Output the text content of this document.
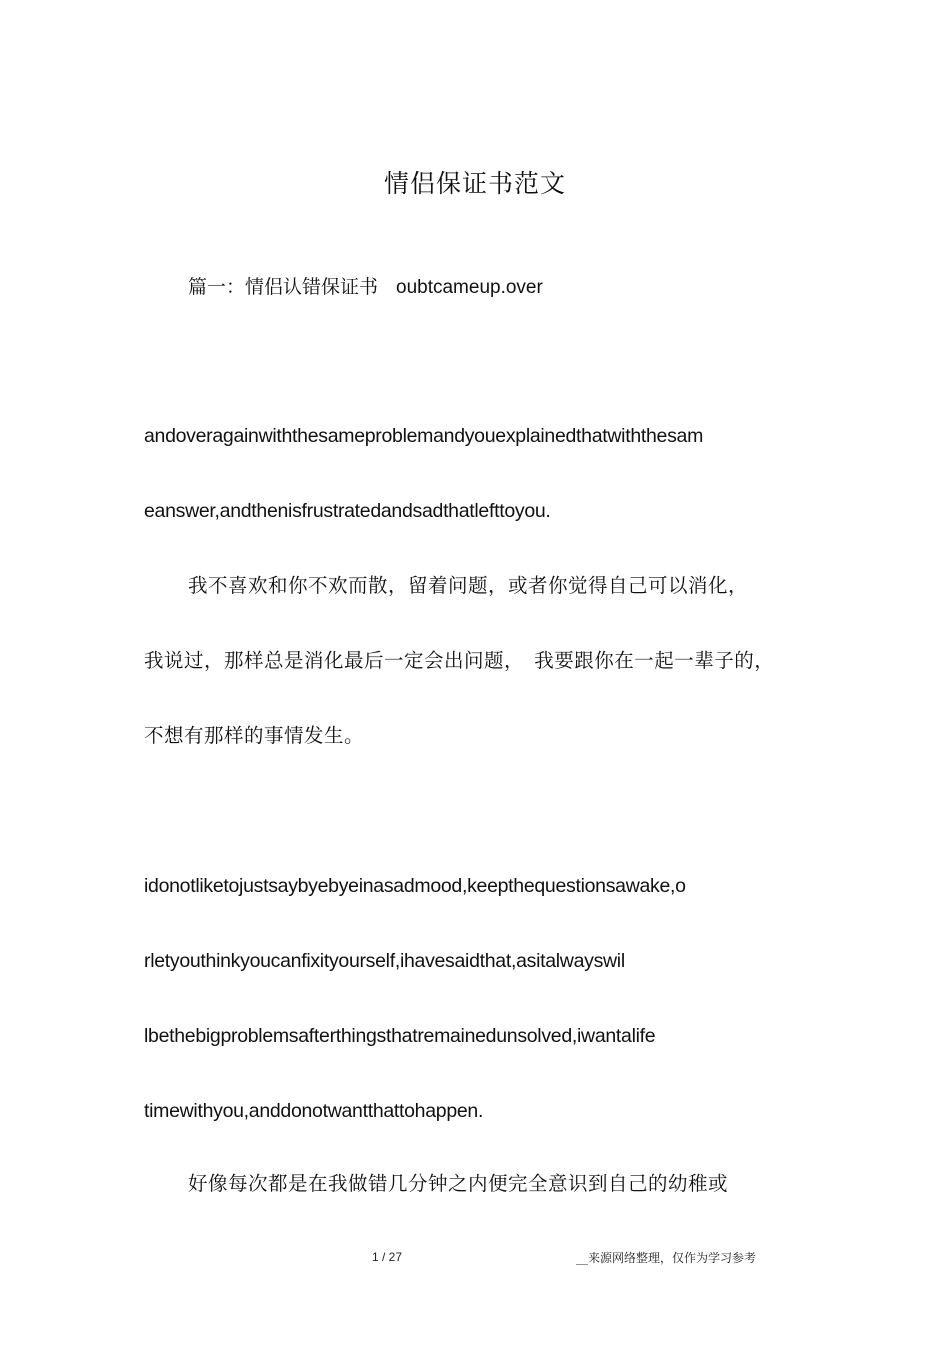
情侣保证书范文
篇一：情侣认错保证书 oubtcameup.over
andoveragainwiththesameproblemandyouexplainedthatwiththesam
eanswer,andthenisfrustratedandsadthatlefttoyou.
我不喜欢和你不欢而散，留着问题，或者你觉得自己可以消化，
我说过，那样总是消化最后一定会出问题，　我要跟你在一起一辈子的，
不想有那样的事情发生。
idonotliketojustsaybyebyeinasadmood,keepthequestionsawake,o
rletyouthinkyoucanfixityourself,ihavesaidthat,asitalwayswil
lbethebigproblemsafterthingsthatremainedunsolved,iwantalife
timewithyou,anddonotwantthattohappen.
好像每次都是在我做错几分钟之内便完全意识到自己的幼稚或
1 / 27	__来源网络整理，仅作为学习参考
